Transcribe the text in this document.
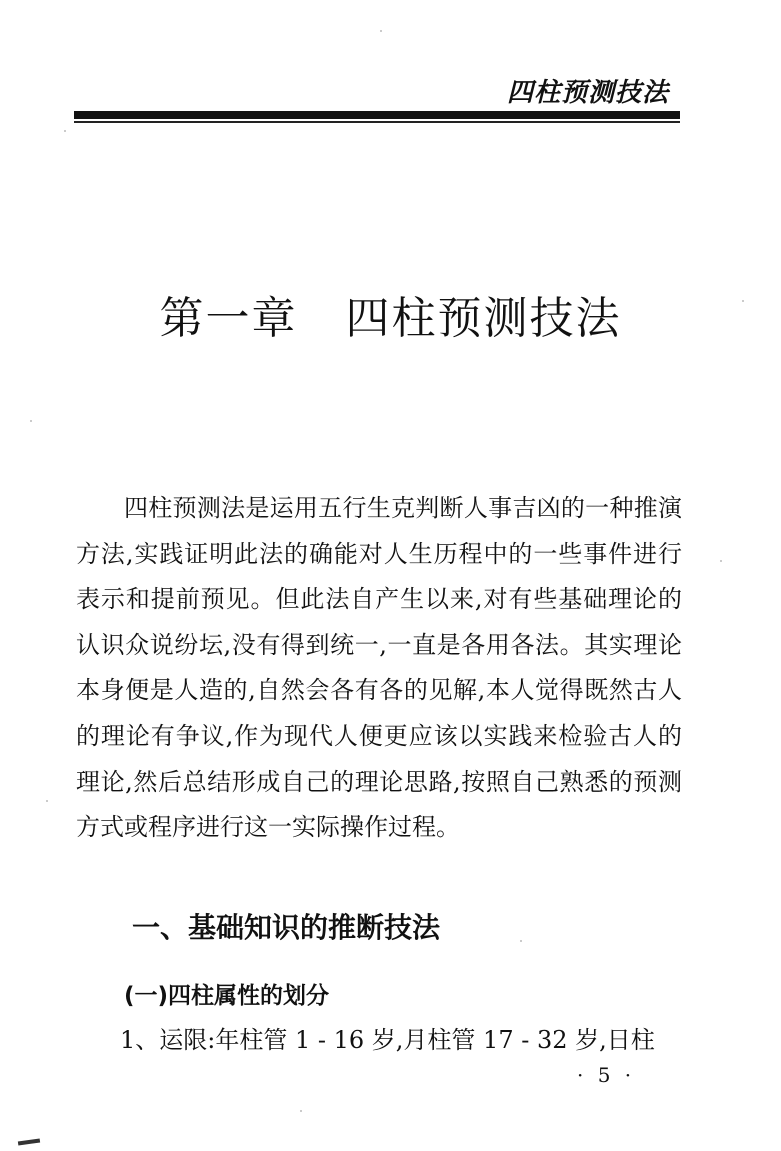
四柱预测技法
第一章 四柱预测技法

四柱预测法是运用五行生克判断人事吉凶的一种推演方法,实践证明此法的确能对人生历程中的一些事件进行表示和提前预见。但此法自产生以来,对有些基础理论的认识众说纷坛,没有得到统一,一直是各用各法。其实理论本身便是人造的,自然会各有各的见解,本人觉得既然古人的理论有争议,作为现代人便更应该以实践来检验古人的理论,然后总结形成自己的理论思路,按照自己熟悉的预测方式或程序进行这一实际操作过程。

一、基础知识的推断技法
(一)四柱属性的划分
1、运限:年柱管 1 - 16 岁,月柱管 17 - 32 岁,日柱
· 5 ·
